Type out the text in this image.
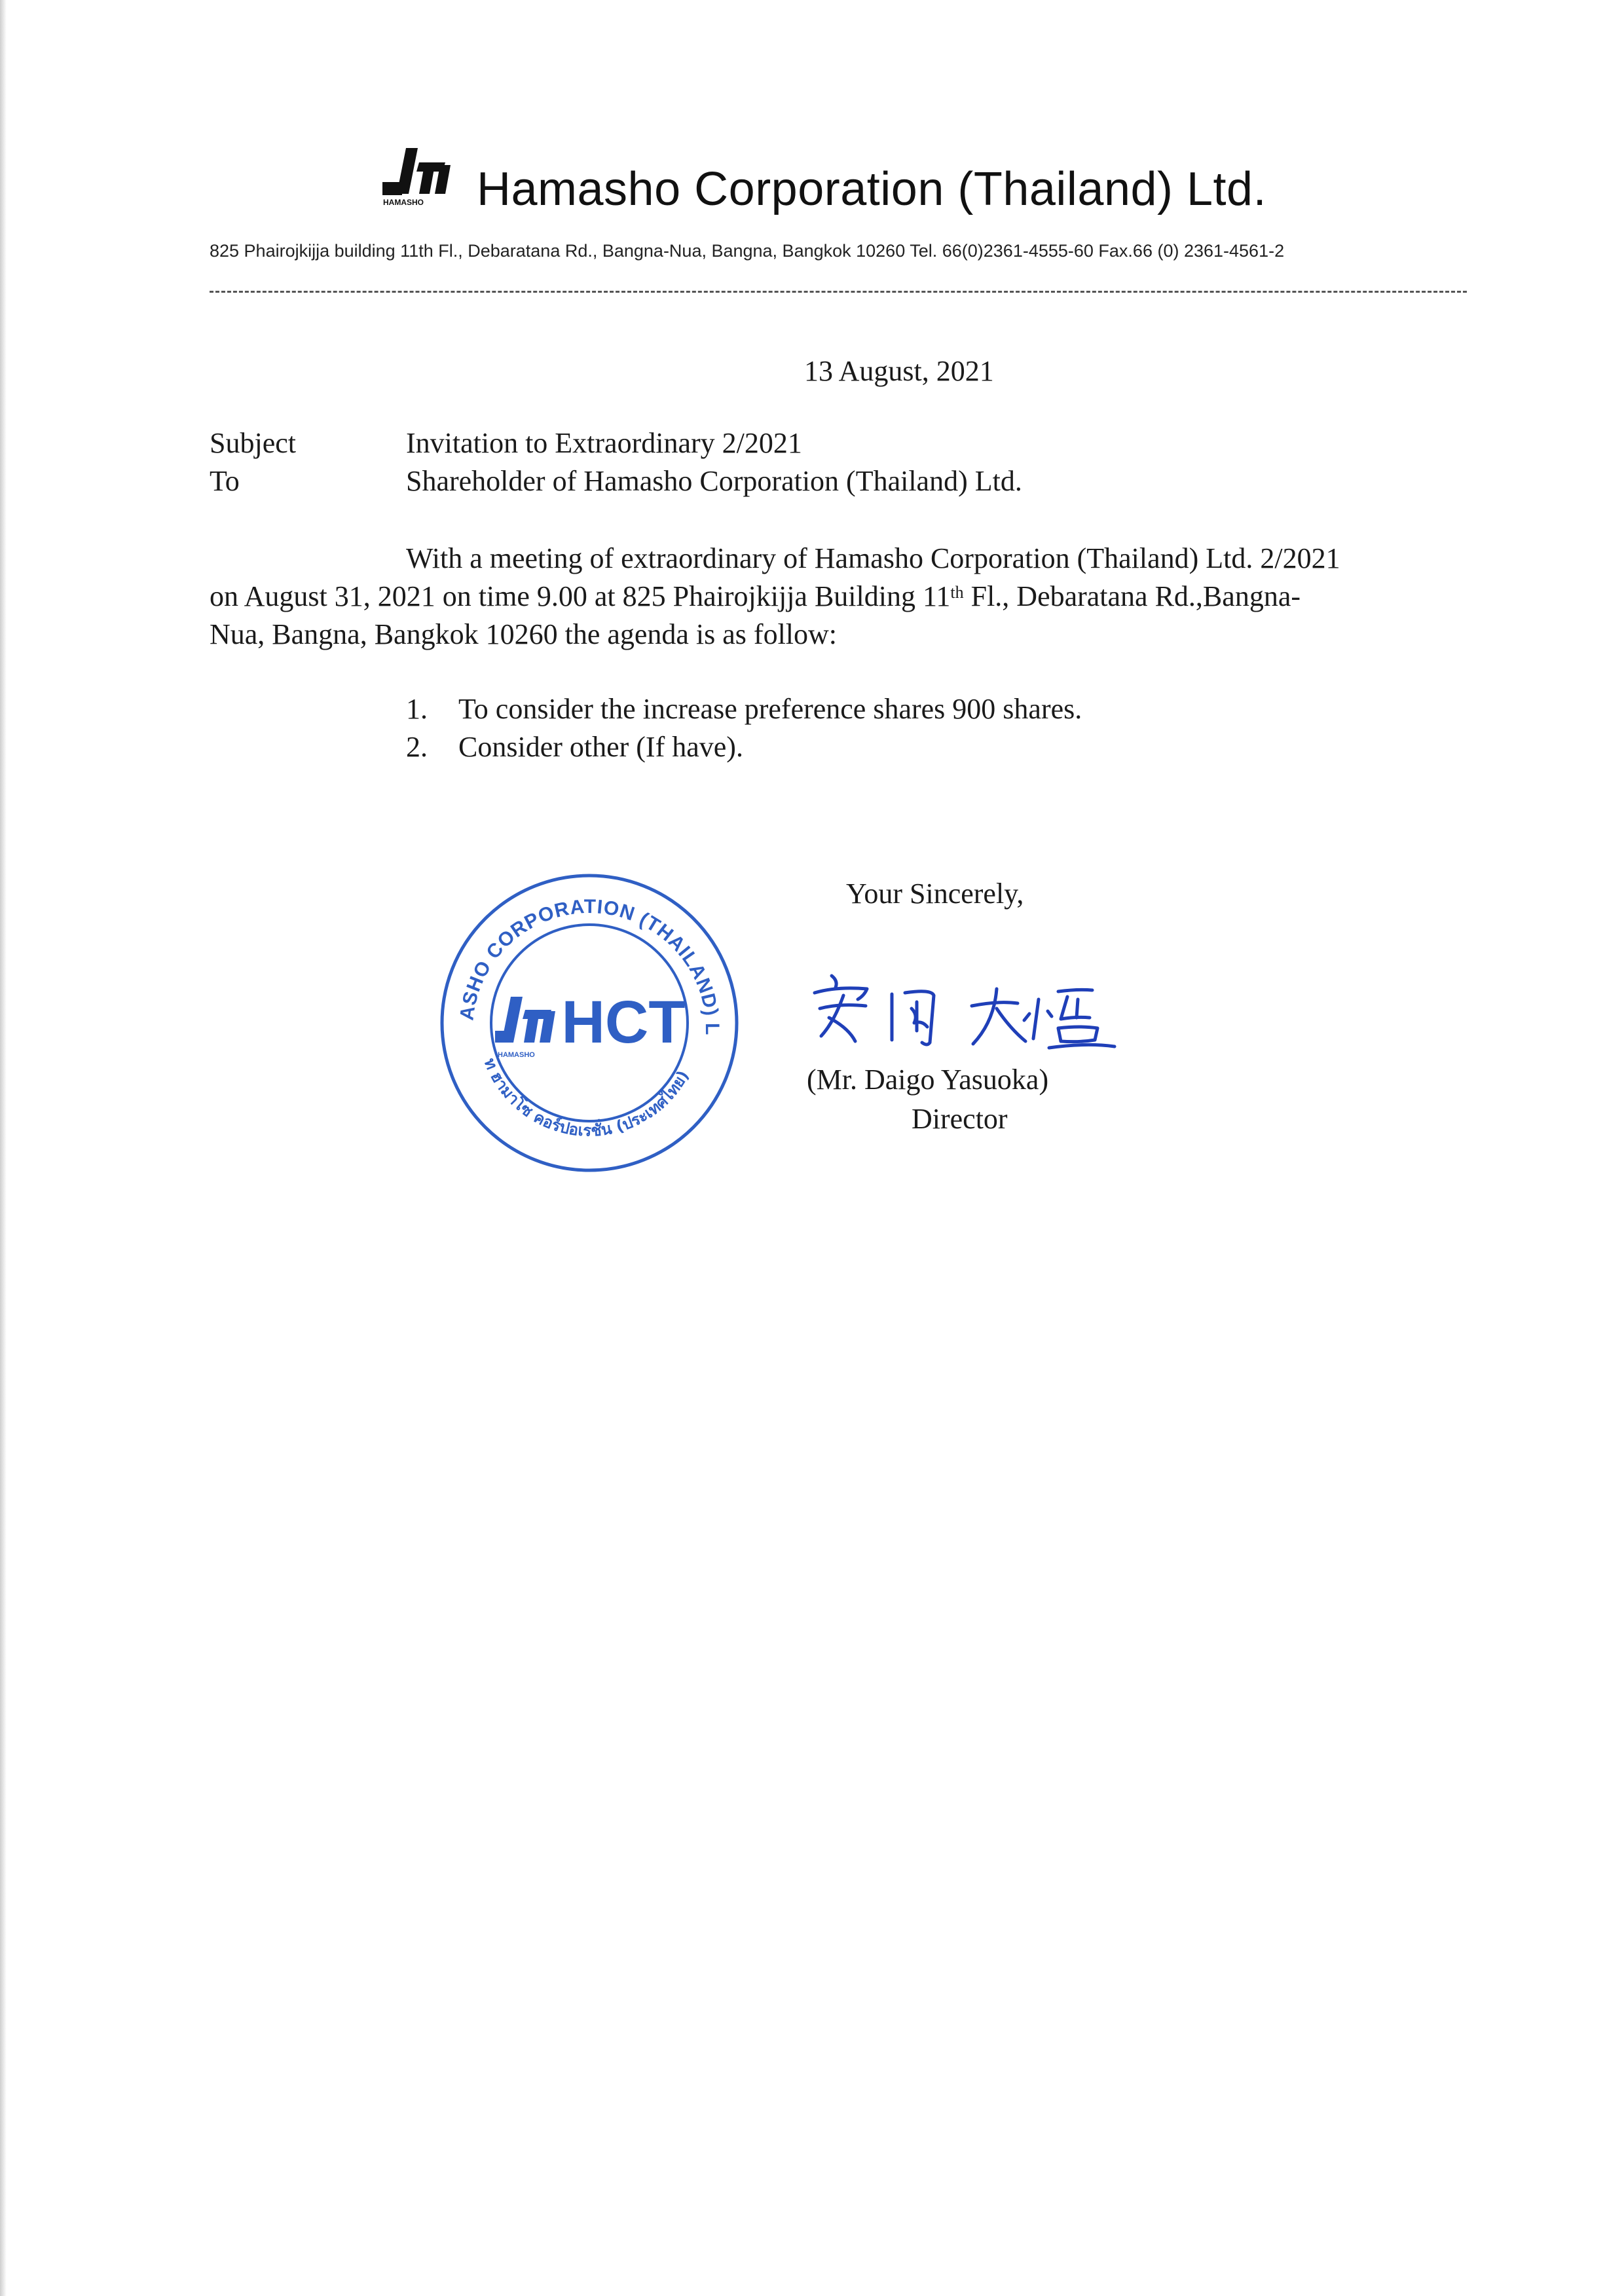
HAMASHO Hamasho Corporation (Thailand) Ltd.
825 Phairojkijja building 11th Fl., Debaratana Rd., Bangna-Nua, Bangna, Bangkok 10260 Tel. 66(0)2361-4555-60 Fax.66 (0) 2361-4561-2
13 August, 2021
Subject	Invitation to Extraordinary 2/2021
To	Shareholder of Hamasho Corporation (Thailand) Ltd.
With a meeting of extraordinary of Hamasho Corporation (Thailand) Ltd. 2/2021
on August 31, 2021 on time 9.00 at 825 Phairojkijja Building 11th Fl., Debaratana Rd.,Bangna-
Nua, Bangna, Bangkok 10260 the agenda is as follow:
1. To consider the increase preference shares 900 shares.
2. Consider other (If have).
ASHO CORPORATION (THAILAND) L
ท ฮามาโซ คอร์ปอเรชั่น (ประเทศไทย)
HAMASHO HCT
Your Sincerely,
安岡 大悟
(Mr. Daigo Yasuoka)
Director
